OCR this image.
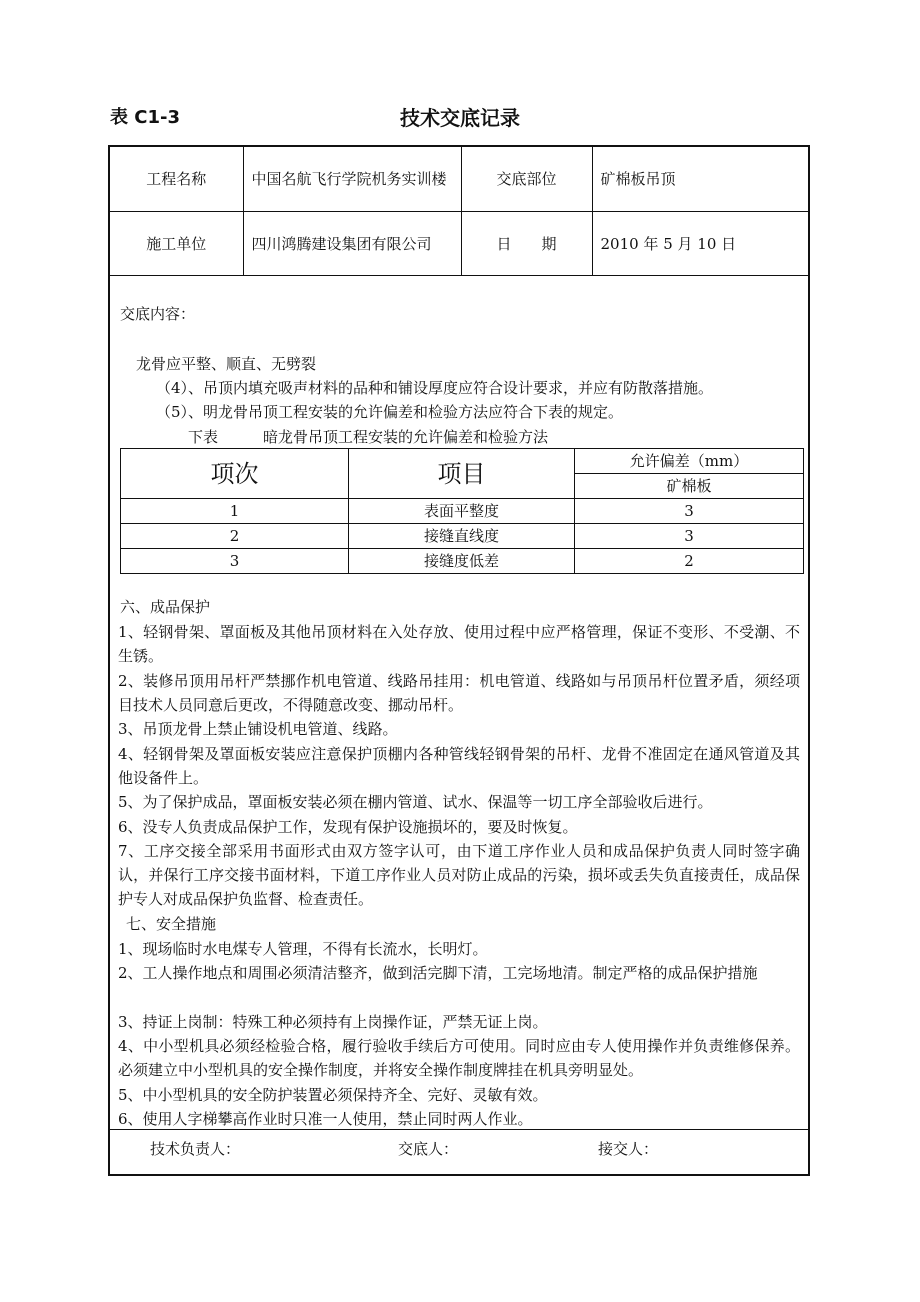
表 C1-3	技术交底记录
工程名称	中国名航飞行学院机务实训楼	交底部位	矿棉板吊顶
施工单位	四川鸿腾建设集团有限公司	日　　期	2010 年 5 月 10 日
交底内容：
龙骨应平整、顺直、无劈裂
（4）、吊顶内填充吸声材料的品种和铺设厚度应符合设计要求，并应有防散落措施。
（5）、明龙骨吊顶工程安装的允许偏差和检验方法应符合下表的规定。
下表　　　暗龙骨吊顶工程安装的允许偏差和检验方法
项次	项目	允许偏差（mm）
		矿棉板
1	表面平整度	3
2	接缝直线度	3
3	接缝度低差	2
六、成品保护
1、轻钢骨架、罩面板及其他吊顶材料在入处存放、使用过程中应严格管理，保证不变形、不受潮、不生锈。
2、装修吊顶用吊杆严禁挪作机电管道、线路吊挂用：机电管道、线路如与吊顶吊杆位置矛盾，须经项目技术人员同意后更改，不得随意改变、挪动吊杆。
3、吊顶龙骨上禁止铺设机电管道、线路。
4、轻钢骨架及罩面板安装应注意保护顶棚内各种管线轻钢骨架的吊杆、龙骨不准固定在通风管道及其他设备件上。
5、为了保护成品，罩面板安装必须在棚内管道、试水、保温等一切工序全部验收后进行。
6、没专人负责成品保护工作，发现有保护设施损坏的，要及时恢复。
7、工序交接全部采用书面形式由双方签字认可，由下道工序作业人员和成品保护负责人同时签字确认，并保行工序交接书面材料，下道工序作业人员对防止成品的污染，损坏或丢失负直接责任，成品保护专人对成品保护负监督、检查责任。
七、安全措施
1、现场临时水电煤专人管理，不得有长流水，长明灯。
2、工人操作地点和周围必须清洁整齐，做到活完脚下清，工完场地清。制定严格的成品保护措施
3、持证上岗制：特殊工种必须持有上岗操作证，严禁无证上岗。
4、中小型机具必须经检验合格，履行验收手续后方可使用。同时应由专人使用操作并负责维修保养。必须建立中小型机具的安全操作制度，并将安全操作制度牌挂在机具旁明显处。
5、中小型机具的安全防护装置必须保持齐全、完好、灵敏有效。
6、使用人字梯攀高作业时只准一人使用，禁止同时两人作业。
技术负责人：	交底人：	接交人：
